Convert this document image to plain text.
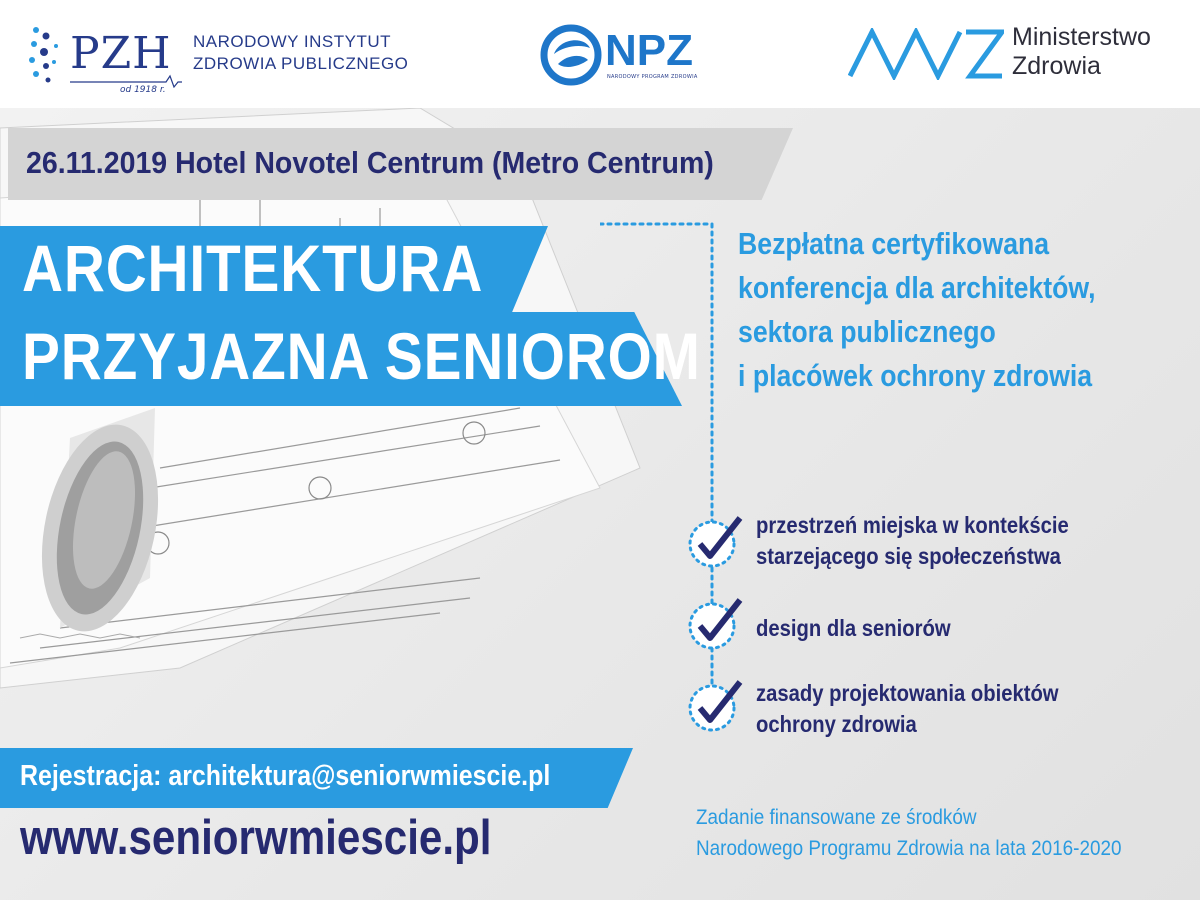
PZH
od 1918 r.
NARODOWY INSTYTUT
ZDROWIA PUBLICZNEGO	NPZ
NARODOWY PROGRAM ZDROWIA
Ministerstwo
Zdrowia
26.11.2019 Hotel Novotel Centrum (Metro Centrum)
ARCHITEKTURA
PRZYJAZNA SENIOROM
Bezpłatna certyfikowana
konferencja dla architektów,
sektora publicznego
i placówek ochrony zdrowia
przestrzeń miejska w kontekście
starzejącego się społeczeństwa
design dla seniorów
zasady projektowania obiektów
ochrony zdrowia
Rejestracja: architektura@seniorwmiescie.pl
www.seniorwmiescie.pl	Zadanie finansowane ze środków
Narodowego Programu Zdrowia na lata 2016-2020
